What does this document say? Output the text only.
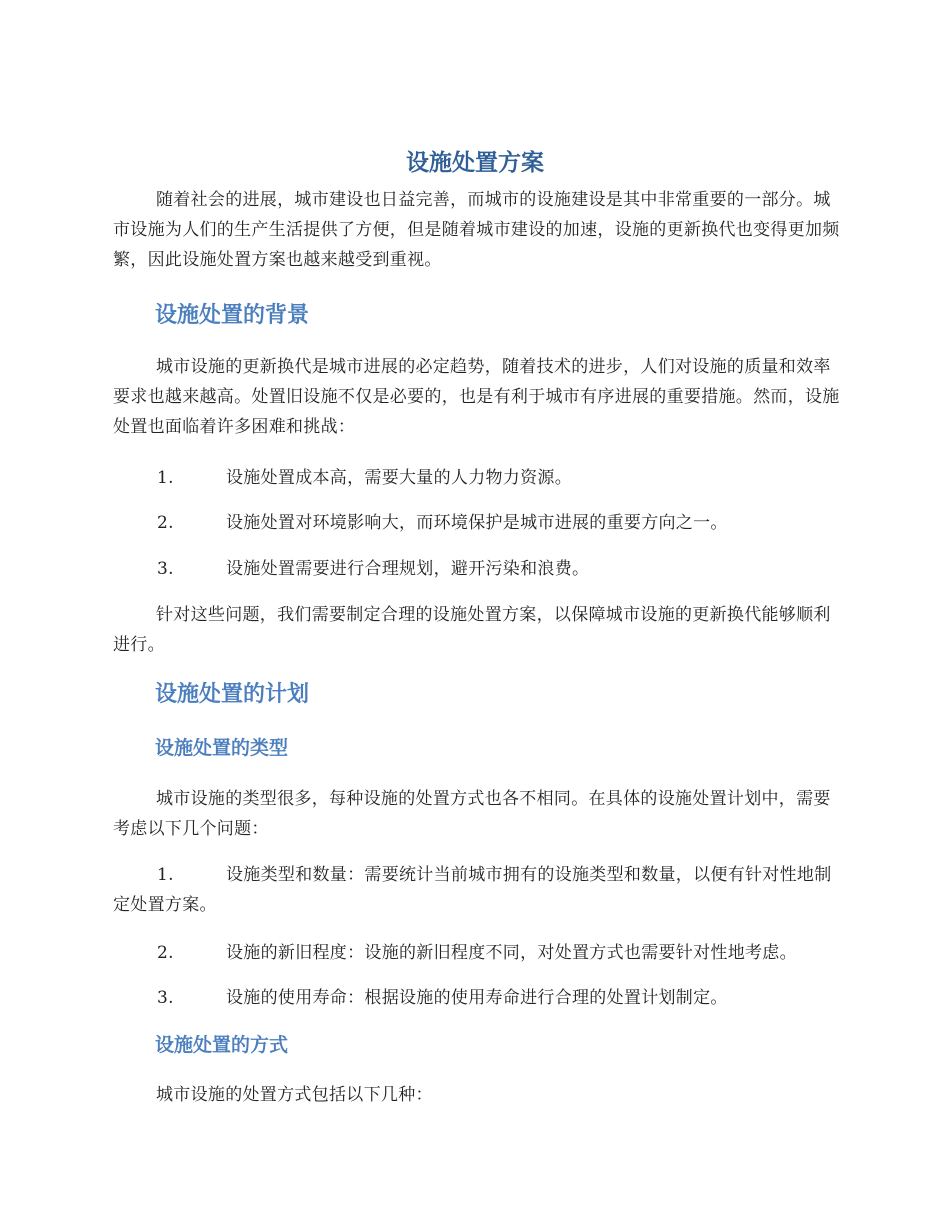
设施处置方案

随着社会的进展，城市建设也日益完善，而城市的设施建设是其中非常重要的一部分。城市设施为人们的生产生活提供了方便，但是随着城市建设的加速，设施的更新换代也变得更加频繁，因此设施处置方案也越来越受到重视。

设施处置的背景

城市设施的更新换代是城市进展的必定趋势，随着技术的进步，人们对设施的质量和效率要求也越来越高。处置旧设施不仅是必要的，也是有利于城市有序进展的重要措施。然而，设施处置也面临着许多困难和挑战：

1.	设施处置成本高，需要大量的人力物力资源。
2.	设施处置对环境影响大，而环境保护是城市进展的重要方向之一。
3.	设施处置需要进行合理规划，避开污染和浪费。

针对这些问题，我们需要制定合理的设施处置方案，以保障城市设施的更新换代能够顺利进行。

设施处置的计划
设施处置的类型

城市设施的类型很多，每种设施的处置方式也各不相同。在具体的设施处置计划中，需要考虑以下几个问题：

1.	设施类型和数量：需要统计当前城市拥有的设施类型和数量，以便有针对性地制定处置方案。
2.	设施的新旧程度：设施的新旧程度不同，对处置方式也需要针对性地考虑。
3.	设施的使用寿命：根据设施的使用寿命进行合理的处置计划制定。
设施处置的方式

城市设施的处置方式包括以下几种：
